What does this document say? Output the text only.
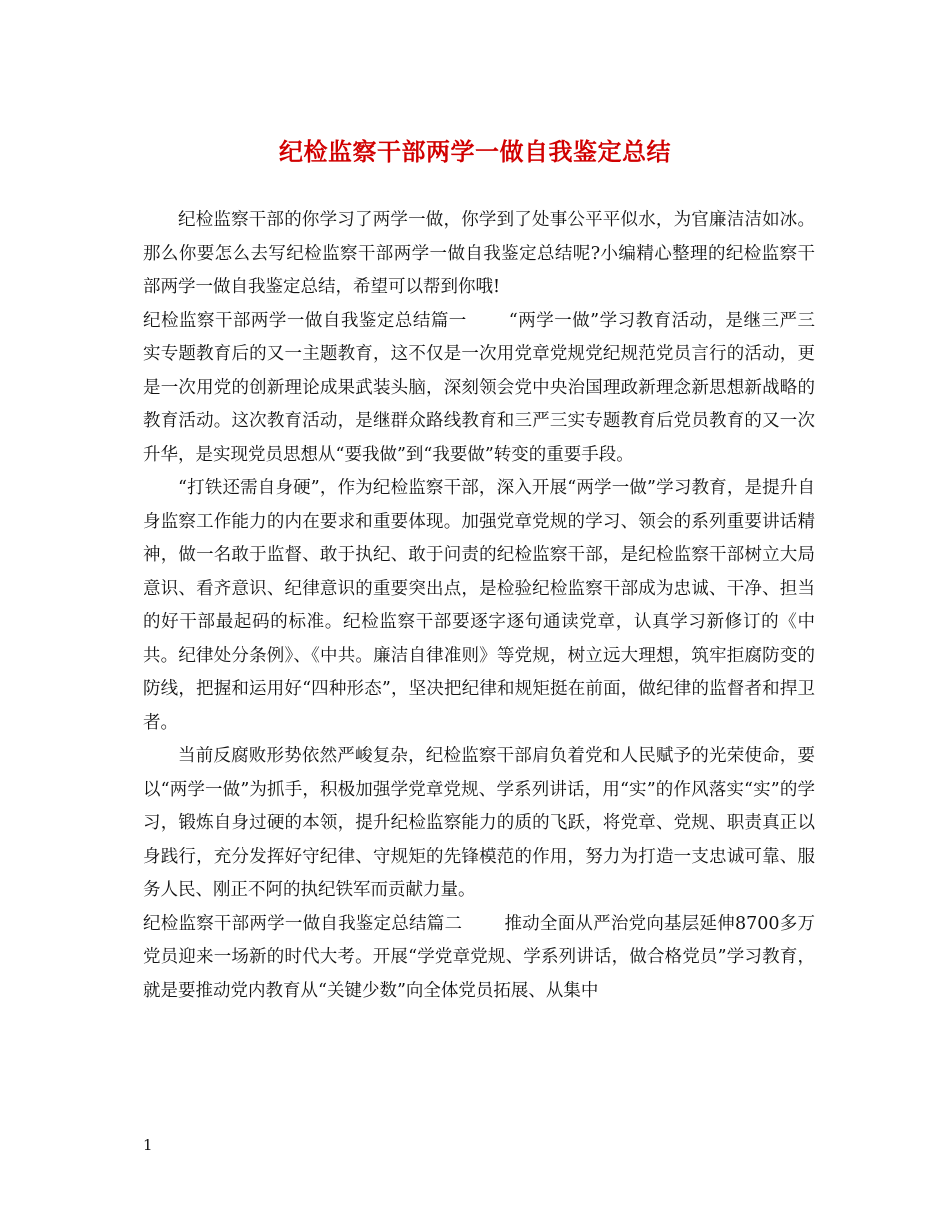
纪检监察干部两学一做自我鉴定总结

纪检监察干部的你学习了两学一做，你学到了处事公平平似水，为官廉洁洁如冰。那么你要怎么去写纪检监察干部两学一做自我鉴定总结呢?小编精心整理的纪检监察干部两学一做自我鉴定总结，希望可以帮到你哦!

纪检监察干部两学一做自我鉴定总结篇一 “两学一做”学习教育活动，是继三严三实专题教育后的又一主题教育，这不仅是一次用党章党规党纪规范党员言行的活动，更是一次用党的创新理论成果武装头脑，深刻领会党中央治国理政新理念新思想新战略的教育活动。这次教育活动，是继群众路线教育和三严三实专题教育后党员教育的又一次升华，是实现党员思想从“要我做”到“我要做”转变的重要手段。

“打铁还需自身硬”，作为纪检监察干部，深入开展“两学一做”学习教育，是提升自身监察工作能力的内在要求和重要体现。加强党章党规的学习、领会的系列重要讲话精神，做一名敢于监督、敢于执纪、敢于问责的纪检监察干部，是纪检监察干部树立大局意识、看齐意识、纪律意识的重要突出点，是检验纪检监察干部成为忠诚、干净、担当的好干部最起码的标准。纪检监察干部要逐字逐句通读党章，认真学习新修订的《中共。纪律处分条例》、《中共。廉洁自律准则》等党规，树立远大理想，筑牢拒腐防变的防线，把握和运用好“四种形态”，坚决把纪律和规矩挺在前面，做纪律的监督者和捍卫者。

当前反腐败形势依然严峻复杂，纪检监察干部肩负着党和人民赋予的光荣使命，要以“两学一做”为抓手，积极加强学党章党规、学系列讲话，用“实”的作风落实“实”的学习，锻炼自身过硬的本领，提升纪检监察能力的质的飞跃，将党章、党规、职责真正以身践行，充分发挥好守纪律、守规矩的先锋模范的作用，努力为打造一支忠诚可靠、服务人民、刚正不阿的执纪铁军而贡献力量。

纪检监察干部两学一做自我鉴定总结篇二 推动全面从严治党向基层延伸8700多万党员迎来一场新的时代大考。开展“学党章党规、学系列讲话，做合格党员”学习教育，就是要推动党内教育从“关键少数”向全体党员拓展、从集中

1
